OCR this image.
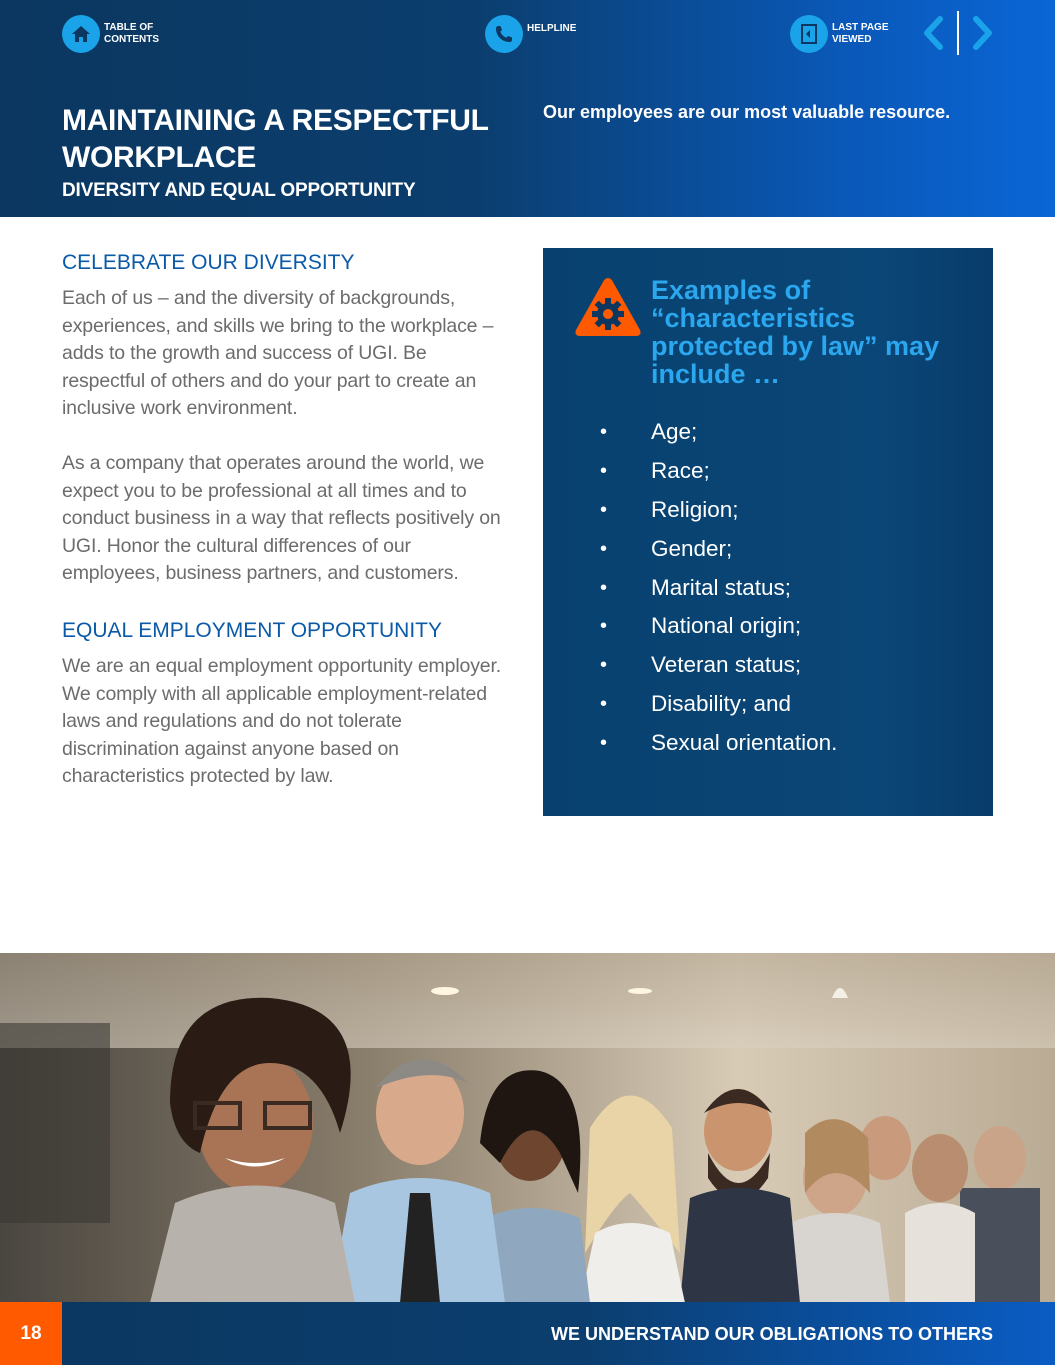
TABLE OF CONTENTS
HELPLINE	LAST PAGE VIEWED
MAINTAINING A RESPECTFUL WORKPLACE
DIVERSITY AND EQUAL OPPORTUNITY
Our employees are our most valuable resource.
CELEBRATE OUR DIVERSITY

Each of us – and the diversity of backgrounds, experiences, and skills we bring to the workplace – adds to the growth and success of UGI. Be respectful of others and do your part to create an inclusive work environment.

As a company that operates around the world, we expect you to be professional at all times and to conduct business in a way that reflects positively on UGI. Honor the cultural differences of our employees, business partners, and customers.

EQUAL EMPLOYMENT OPPORTUNITY

We are an equal employment opportunity employer. We comply with all applicable employment-related laws and regulations and do not tolerate discrimination against anyone based on characteristics protected by law.

Examples of “characteristics protected by law” may include …
• Age;
• Race;
• Religion;
• Gender;
• Marital status;
• National origin;
• Veteran status;
• Disability; and
• Sexual orientation.
18	WE UNDERSTAND OUR OBLIGATIONS TO OTHERS
